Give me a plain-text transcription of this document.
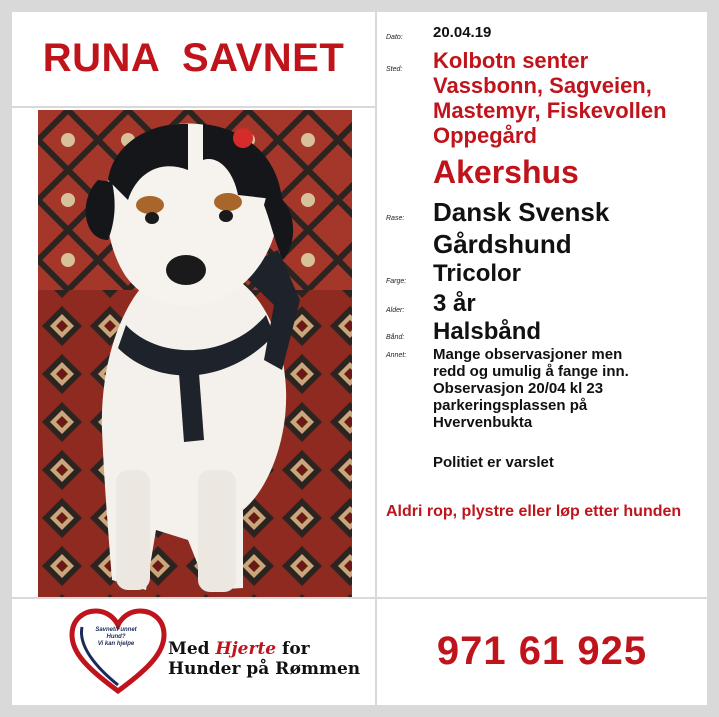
RUNA  SAVNET	Dato: 20.04.19
Sted: Kolbotn senter
Vassbonn, Sagveien,
Mastemyr, Fiskevollen
Oppegård
Akershus
Rase: Dansk Svensk
Gårdshund
Farge: Tricolor
Alder: 3 år
Bånd: Halsbånd
Annet: Mange observasjoner men
redd og umulig å fange inn.
Observasjon 20/04 kl 23
parkeringsplassen på
Hvervenbukta
Politiet er varslet
Aldri rop, plystre eller løp etter hunden
Savnet/Funnet
Hund?
Vi kan hjelpe	Med Hjerte for
Hunder på Rømmen	971 61 925
